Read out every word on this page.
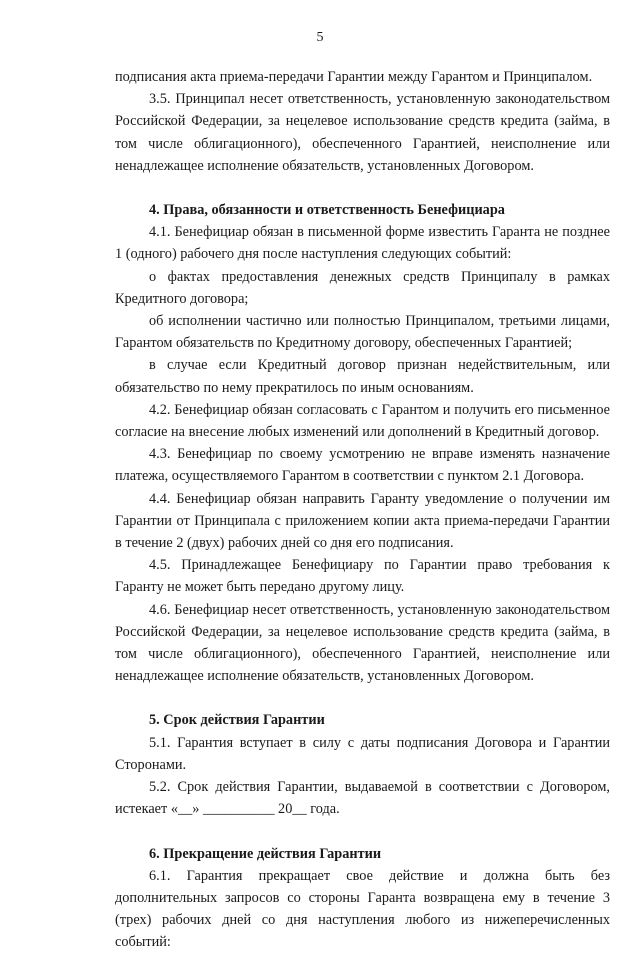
5

подписания акта приема-передачи Гарантии между Гарантом и Принципалом.

3.5. Принципал несет ответственность, установленную законодательством Российской Федерации, за нецелевое использование средств кредита (займа, в том числе облигационного), обеспеченного Гарантией, неисполнение или ненадлежащее исполнение обязательств, установленных Договором.

4. Права, обязанности и ответственность Бенефициара

4.1. Бенефициар обязан в письменной форме известить Гаранта не позднее 1 (одного) рабочего дня после наступления следующих событий:

о фактах предоставления денежных средств Принципалу в рамках Кредитного договора;

об исполнении частично или полностью Принципалом, третьими лицами, Гарантом обязательств по Кредитному договору, обеспеченных Гарантией;

в случае если Кредитный договор признан недействительным, или обязательство по нему прекратилось по иным основаниям.

4.2. Бенефициар обязан согласовать с Гарантом и получить его письменное согласие на внесение любых изменений или дополнений в Кредитный договор.

4.3. Бенефициар по своему усмотрению не вправе изменять назначение платежа, осуществляемого Гарантом в соответствии с пунктом 2.1 Договора.

4.4. Бенефициар обязан направить Гаранту уведомление о получении им Гарантии от Принципала с приложением копии акта приема-передачи Гарантии в течение 2 (двух) рабочих дней со дня его подписания.

4.5. Принадлежащее Бенефициару по Гарантии право требования к Гаранту не может быть передано другому лицу.

4.6. Бенефициар несет ответственность, установленную законодательством Российской Федерации, за нецелевое использование средств кредита (займа, в том числе облигационного), обеспеченного Гарантией, неисполнение или ненадлежащее исполнение обязательств, установленных Договором.

5. Срок действия Гарантии

5.1. Гарантия вступает в силу с даты подписания Договора и Гарантии Сторонами.

5.2. Срок действия Гарантии, выдаваемой в соответствии с Договором, истекает «__» __________ 20__ года.

6. Прекращение действия Гарантии

6.1. Гарантия прекращает свое действие и должна быть без дополнительных запросов со стороны Гаранта возвращена ему в течение 3 (трех) рабочих дней со дня наступления любого из нижеперечисленных событий:
